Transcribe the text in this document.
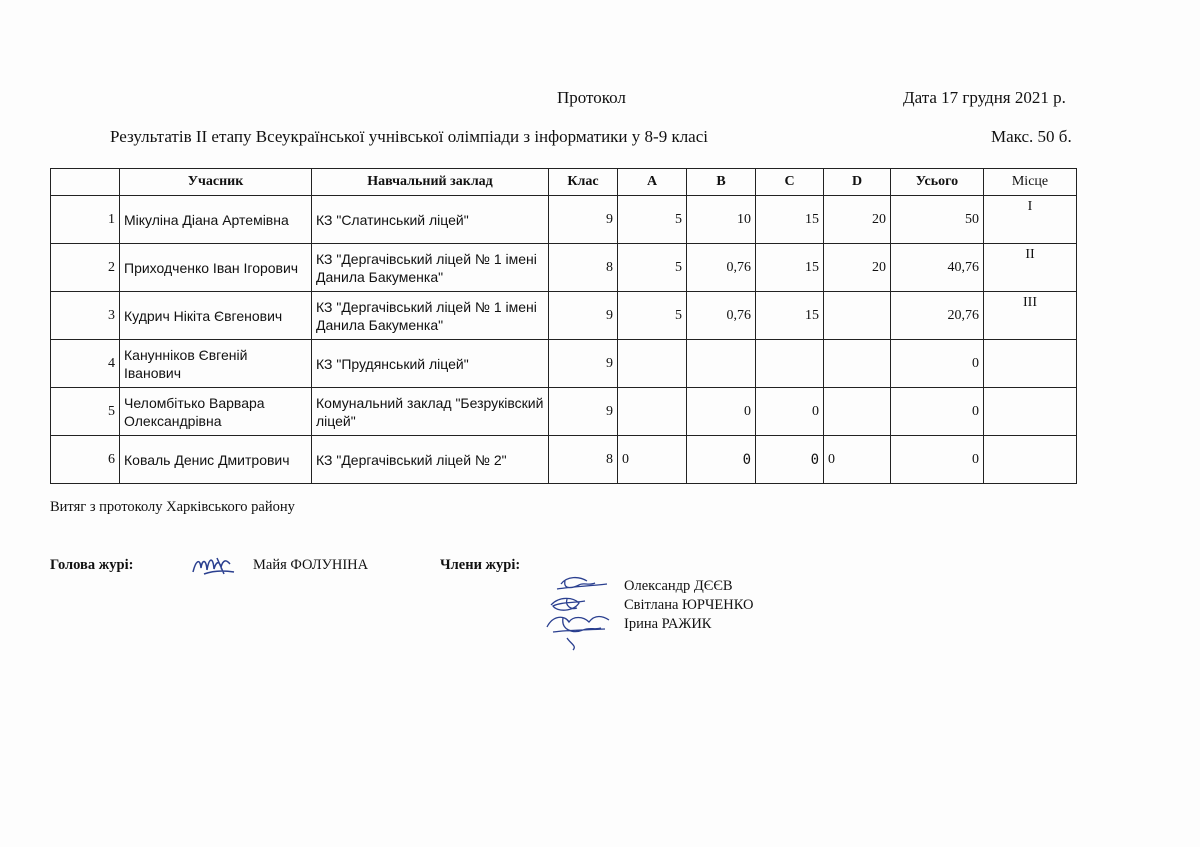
Протокол	Дата 17 грудня 2021 р.
Результатів ІІ етапу Всеукраїнської учнівської олімпіади з інформатики у 8-9 класі	Макс. 50 б.
	Учасник	Навчальний заклад	Клас	A	B	C	D	Усього	Місце
1	Мікуліна Діана Артемівна	КЗ "Слатинський ліцей"	9	5	10	15	20	50	І
2	Приходченко Іван Ігорович	КЗ "Дергачівський ліцей № 1 імені Данила Бакуменка"	8	5	0,76	15	20	40,76	ІІ
3	Кудрич Нікіта Євгенович	КЗ "Дергачівський ліцей № 1 імені Данила Бакуменка"	9	5	0,76	15		20,76	ІІІ
4	Канунніков Євгеній Іванович	КЗ "Прудянський ліцей"	9					0	
5	Челомбітько Варвара Олександрівна	Комунальний заклад "Безруківский ліцей"	9		0	0		0	
6	Коваль Денис Дмитрович	КЗ "Дергачівський ліцей № 2"	8	0	0	0	0	0	
Витяг з протоколу Харківського району
Голова журі:	Майя ФОЛУНІНА	Члени журі:
Олександр ДЄЄВ
Світлана ЮРЧЕНКО
Ірина РАЖИК
